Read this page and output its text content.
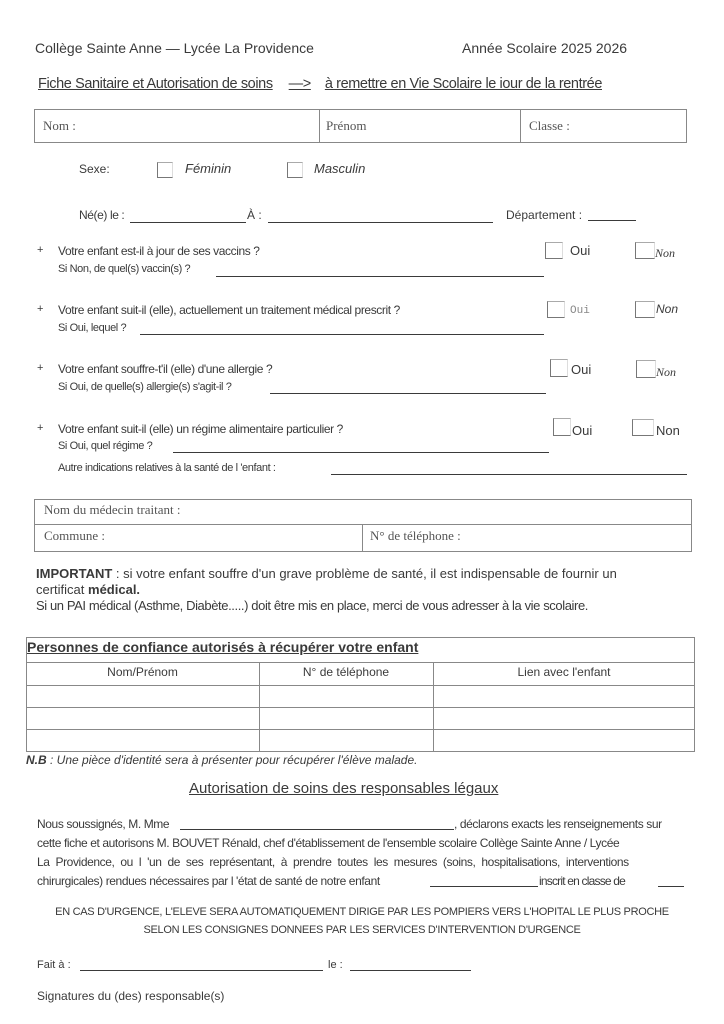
Collège Sainte Anne — Lycée La Providence	Année Scolaire 2025 2026
Fiche Sanitaire et Autorisation de soins —> à remettre en Vie Scolaire le iour de la rentrée
Nom :	Prénom	Classe :
Sexe:	Féminin	Masculin
Né(e) le :	À :	Département :
+ Votre enfant est-il à jour de ses vaccins ?
Si Non, de quel(s) vaccin(s) ?
Oui	Non
+ Votre enfant suit-il (elle), actuellement un traitement médical prescrit ?
Si Oui, lequel ?
Oui	Non
+ Votre enfant souffre-t'il (elle) d'une allergie ?
Si Oui, de quelle(s) allergie(s) s'agit-il ?
Oui	Non
+ Votre enfant suit-il (elle) un régime alimentaire particulier ?
Si Oui, quel régime ?
Oui	Non
Autre indications relatives à la santé de l 'enfant :
Nom du médecin traitant :
Commune :	N° de téléphone :
IMPORTANT : si votre enfant souffre d'un grave problème de santé, il est indispensable de fournir un
certificat médical.
Si un PAI médical (Asthme, Diabète.....) doit être mis en place, merci de vous adresser à la vie scolaire.
Personnes de confiance autorisés à récupérer votre enfant
Nom/Prénom	N° de téléphone	Lien avec l'enfant
N.B : Une pièce d'identité sera à présenter pour récupérer l'élève malade.
Autorisation de soins des responsables légaux
Nous soussignés, M. Mme	, déclarons exacts les renseignements sur
cette fiche et autorisons M. BOUVET Rénald, chef d'établissement de l'ensemble scolaire Collège Sainte Anne / Lycée
La Providence, ou l 'un de ses représentant, à prendre toutes les mesures (soins, hospitalisations, interventions
chirurgicales) rendues nécessaires par l 'état de santé de notre enfant	inscrit en classe de
EN CAS D'URGENCE, L'ELEVE SERA AUTOMATIQUEMENT DIRIGE PAR LES POMPIERS VERS L'HOPITAL LE PLUS PROCHE
SELON LES CONSIGNES DONNEES PAR LES SERVICES D'INTERVENTION D'URGENCE
Fait à :	le :
Signatures du (des) responsable(s)
